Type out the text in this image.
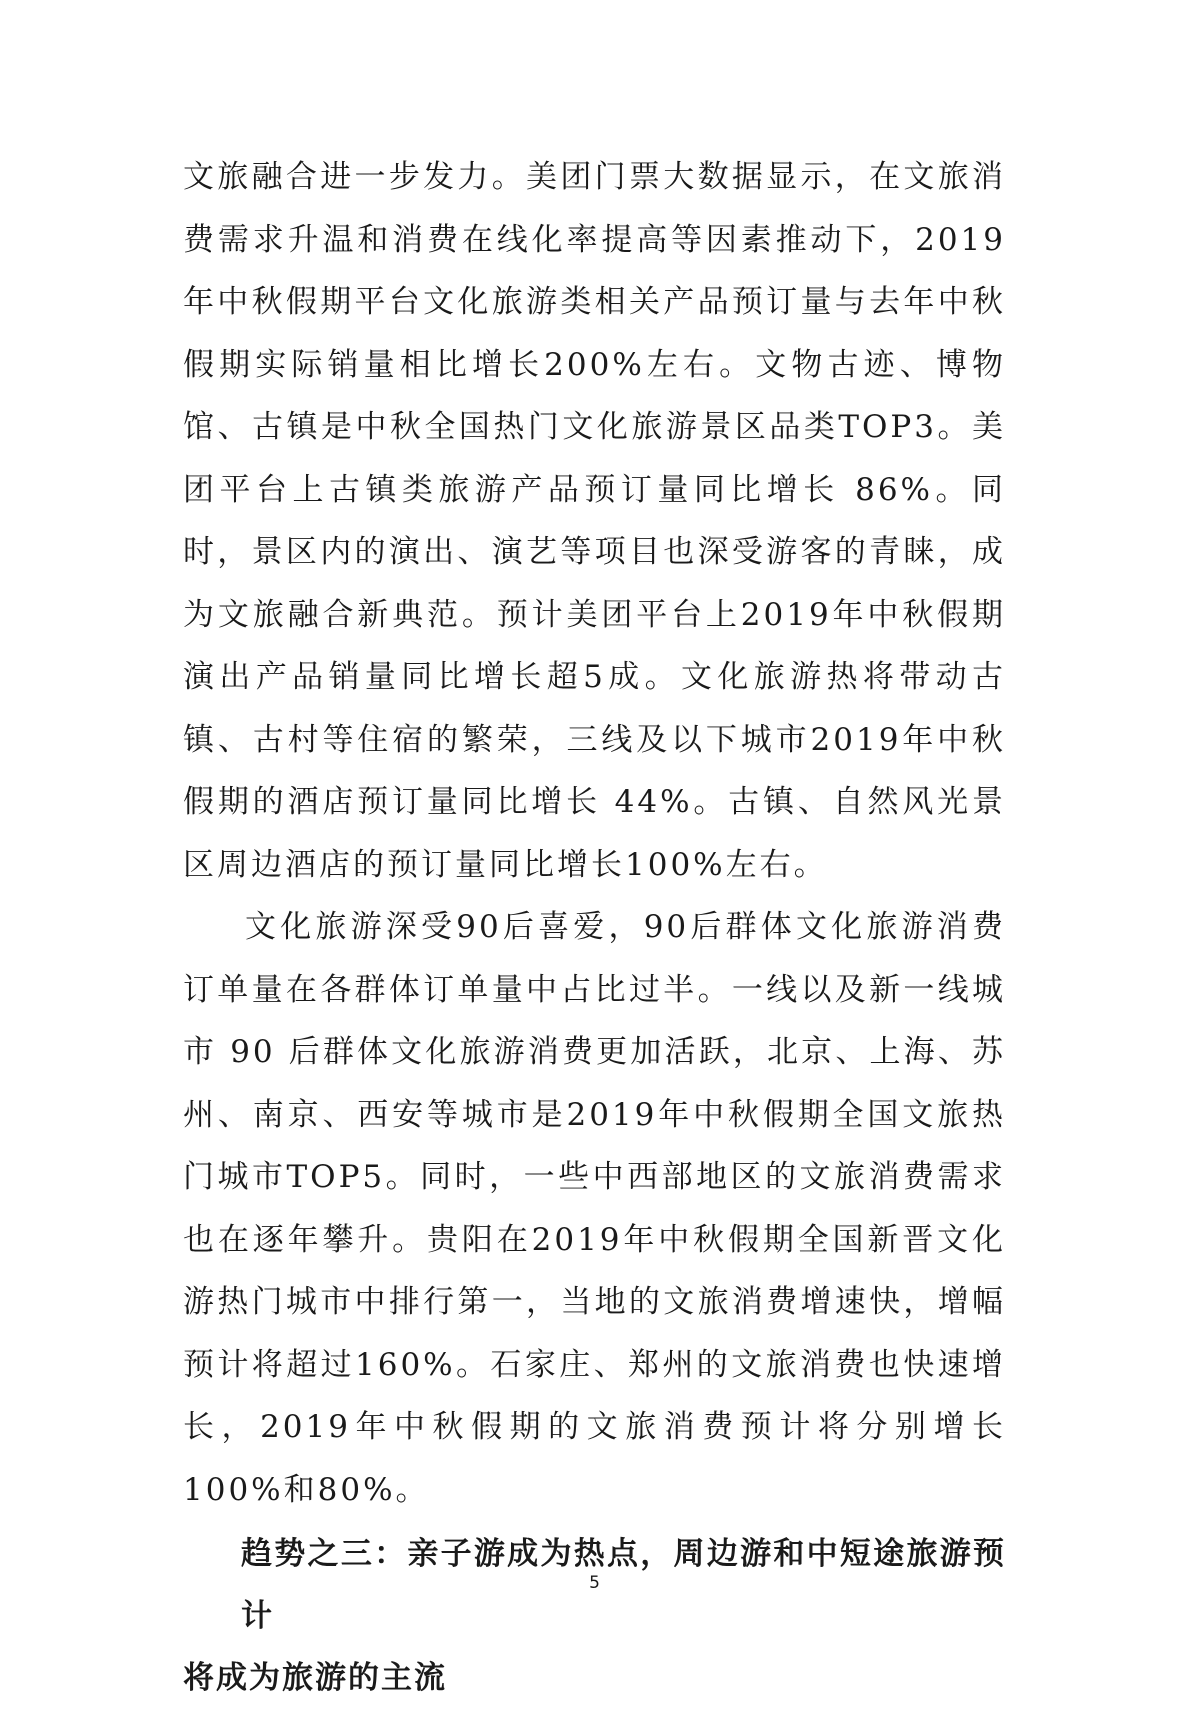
文旅融合进一步发力。美团门票大数据显示，在文旅消费需求升温和消费在线化率提高等因素推动下，2019年中秋假期平台文化旅游类相关产品预订量与去年中秋假期实际销量相比增长200%左右。文物古迹、博物馆、古镇是中秋全国热门文化旅游景区品类TOP3。美团平台上古镇类旅游产品预订量同比增长 86%。同时，景区内的演出、演艺等项目也深受游客的青睐，成为文旅融合新典范。预计美团平台上2019年中秋假期演出产品销量同比增长超5成。文化旅游热将带动古镇、古村等住宿的繁荣，三线及以下城市2019年中秋假期的酒店预订量同比增长 44%。古镇、自然风光景区周边酒店的预订量同比增长100%左右。

文化旅游深受90后喜爱，90后群体文化旅游消费订单量在各群体订单量中占比过半。一线以及新一线城市 90 后群体文化旅游消费更加活跃，北京、上海、苏州、南京、西安等城市是2019年中秋假期全国文旅热门城市TOP5。同时，一些中西部地区的文旅消费需求也在逐年攀升。贵阳在2019年中秋假期全国新晋文化游热门城市中排行第一，当地的文旅消费增速快，增幅预计将超过160%。石家庄、郑州的文旅消费也快速增长，2019年中秋假期的文旅消费预计将分别增长100%和80%。

趋势之三：亲子游成为热点，周边游和中短途旅游预计
将成为旅游的主流
5
